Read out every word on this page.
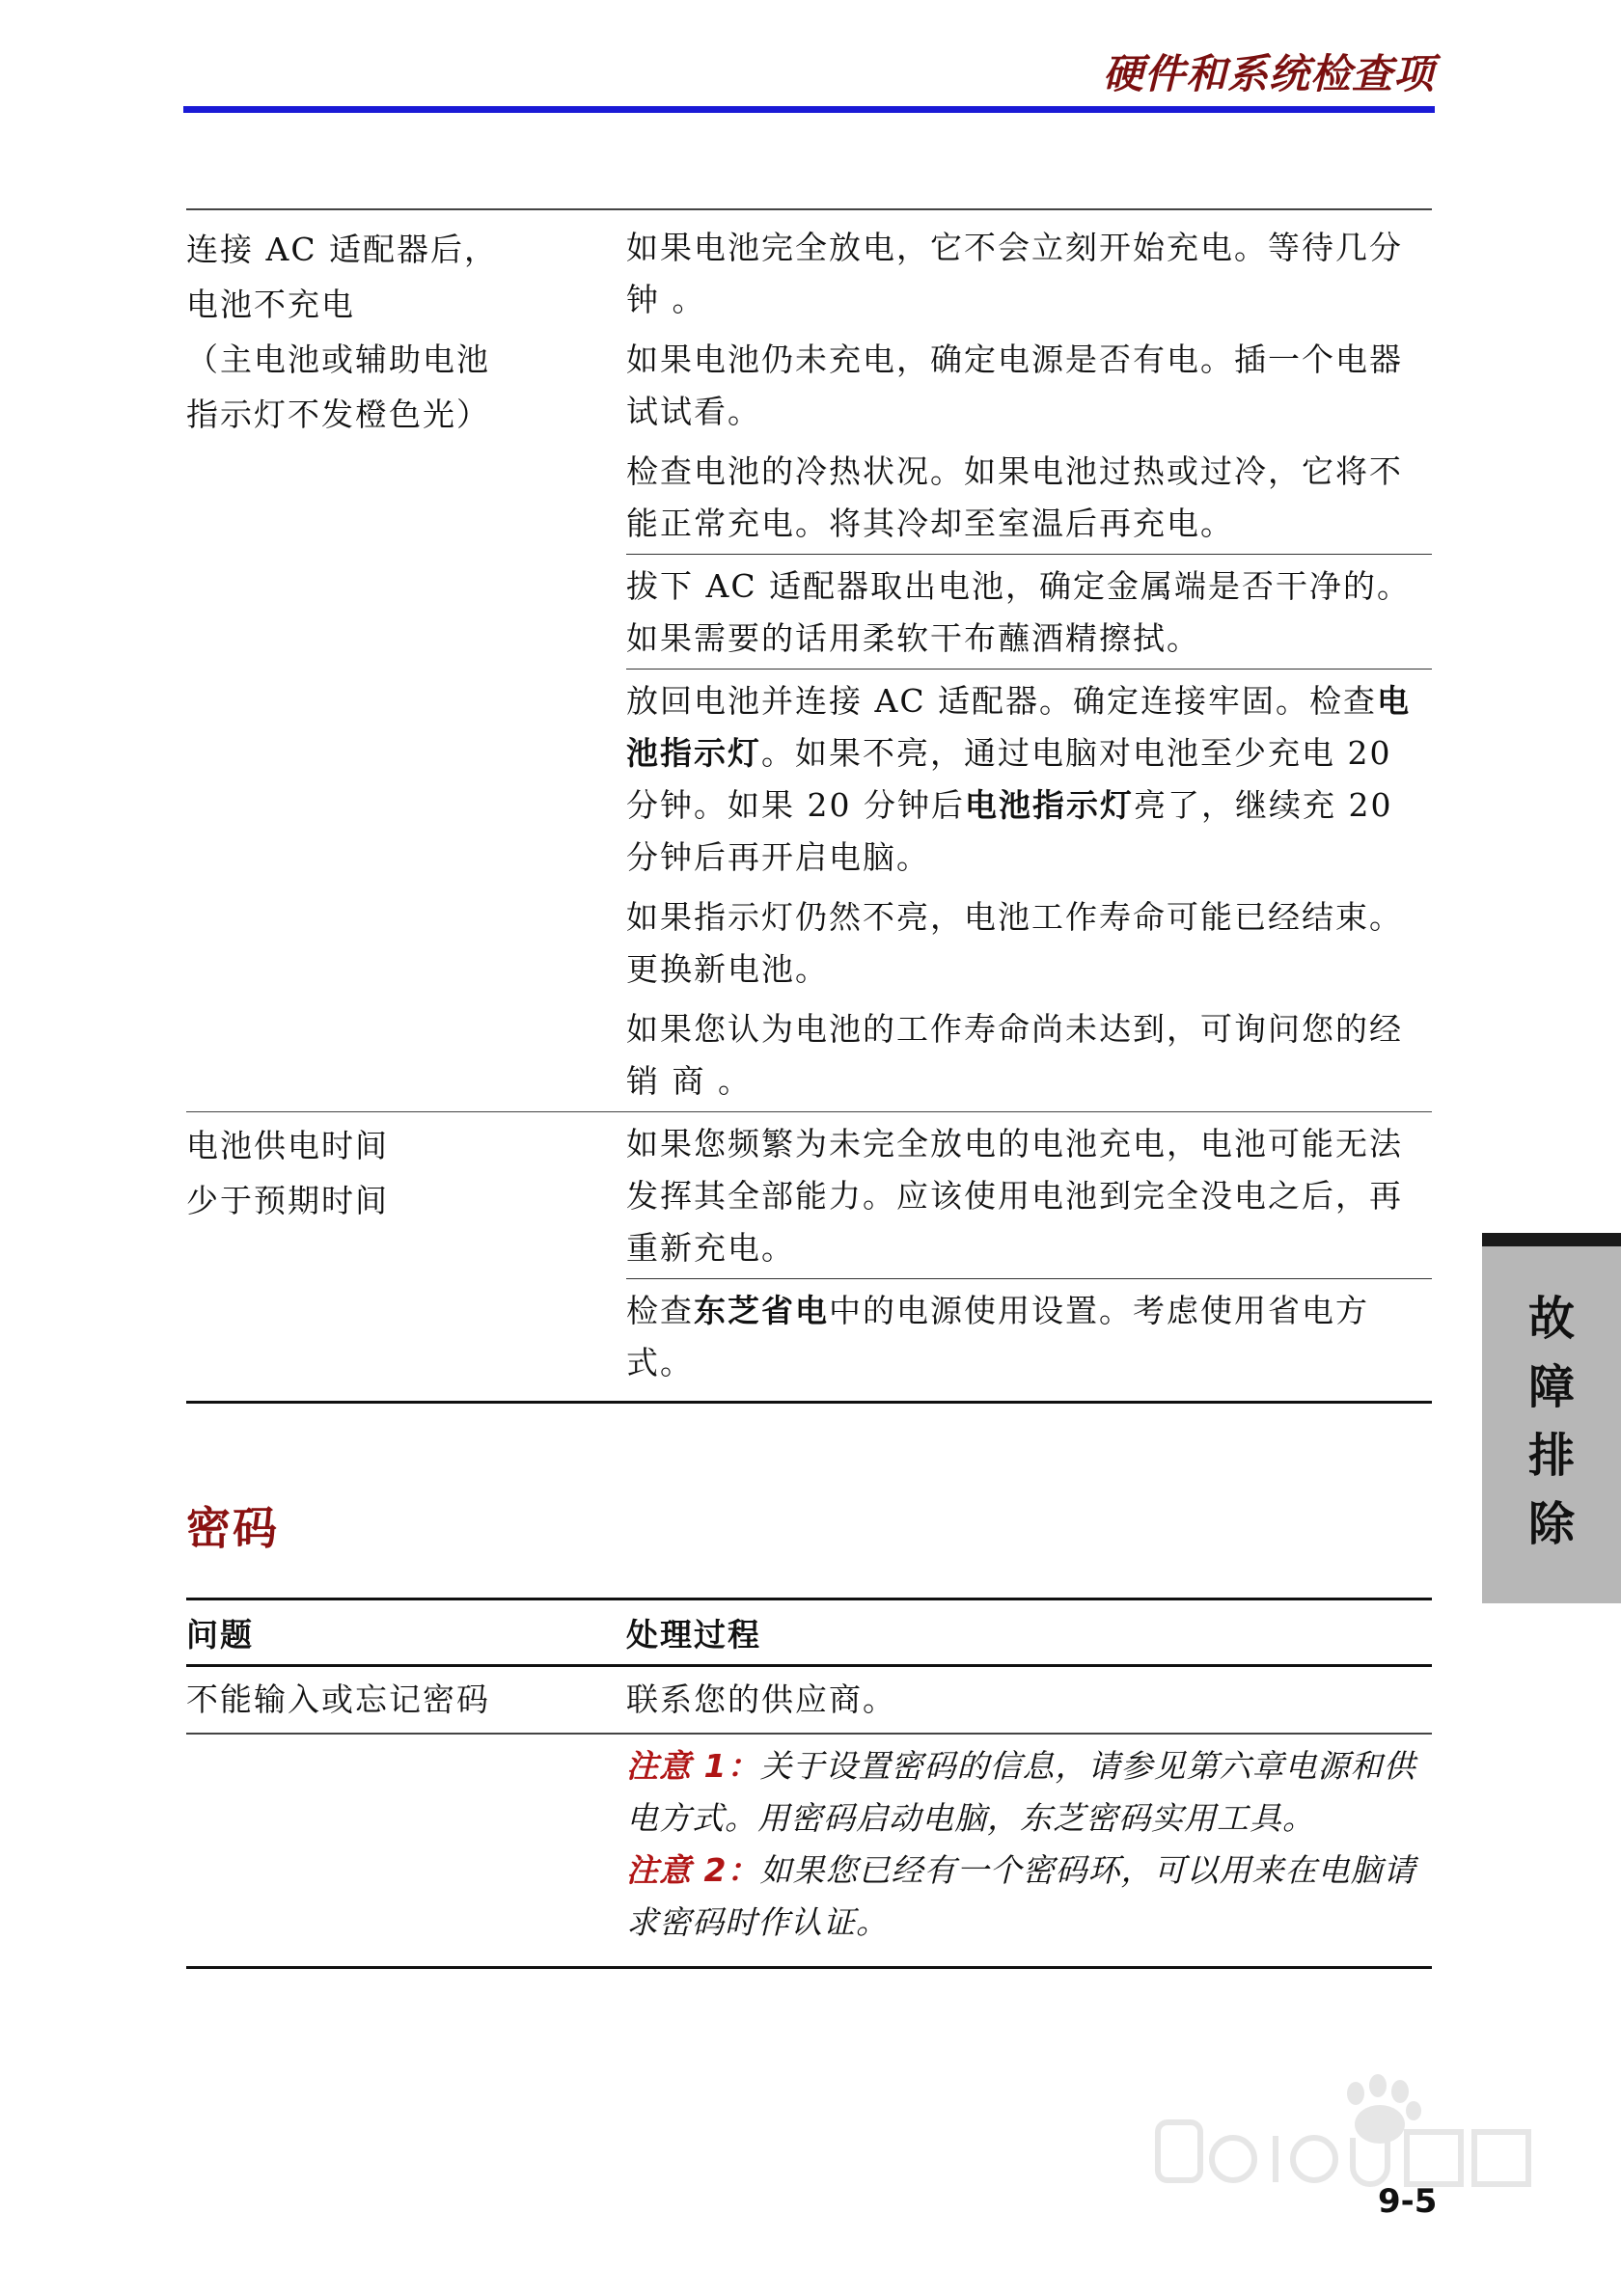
硬件和系统检查项
连接 AC 适配器后，
电池不充电
（主电池或辅助电池
指示灯不发橙色光）
如果电池完全放电，它不会立刻开始充电。等待几分 钟 。
如果电池仍未充电，确定电源是否有电。插一个电器试试看。
检查电池的冷热状况。如果电池过热或过冷，它将不能正常充电。将其冷却至室温后再充电。
拔下 AC 适配器取出电池，确定金属端是否干净的。如果需要的话用柔软干布蘸酒精擦拭。
放回电池并连接 AC 适配器。确定连接牢固。检查电池指示灯。如果不亮，通过电脑对电池至少充电 20 分钟。如果 20 分钟后电池指示灯亮了，继续充 20 分钟后再开启电脑。
如果指示灯仍然不亮，电池工作寿命可能已经结束。更换新电池。
如果您认为电池的工作寿命尚未达到，可询问您的经销 商 。
电池供电时间
少于预期时间
如果您频繁为未完全放电的电池充电，电池可能无法发挥其全部能力。应该使用电池到完全没电之后，再重新充电。
检查东芝省电中的电源使用设置。考虑使用省电方式。
密码
问题	处理过程
不能输入或忘记密码	联系您的供应商。
注意 1：关于设置密码的信息，请参见第六章电源和供电方式。用密码启动电脑，东芝密码实用工具。
注意 2：如果您已经有一个密码环，可以用来在电脑请求密码时作认证。
故
障
排
除
9-5
